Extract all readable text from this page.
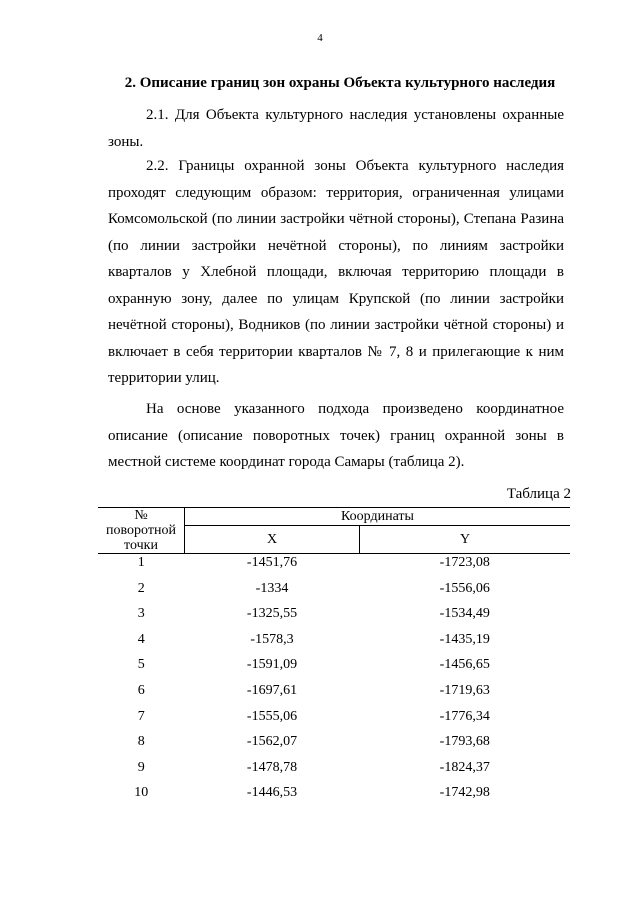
4
2. Описание границ зон охраны Объекта культурного наследия

2.1. Для Объекта культурного наследия установлены охранные зоны.

2.2. Границы охранной зоны Объекта культурного наследия проходят следующим образом: территория, ограниченная улицами Комсомольской (по линии застройки чётной стороны), Степана Разина (по линии застройки нечётной стороны), по линиям застройки кварталов у Хлебной площади, включая территорию площади в охранную зону, далее по улицам Крупской (по линии застройки нечётной стороны), Водников (по линии застройки чётной стороны) и включает в себя территории кварталов № 7, 8 и прилегающие к ним территории улиц.

На основе указанного подхода произведено координатное описание (описание поворотных точек) границ охранной зоны в местной системе координат города Самары (таблица 2).

Таблица 2
№ поворотной точки	Координаты	
	X	Y
1	-1451,76	-1723,08
2	-1334	-1556,06
3	-1325,55	-1534,49
4	-1578,3	-1435,19
5	-1591,09	-1456,65
6	-1697,61	-1719,63
7	-1555,06	-1776,34
8	-1562,07	-1793,68
9	-1478,78	-1824,37
10	-1446,53	-1742,98
